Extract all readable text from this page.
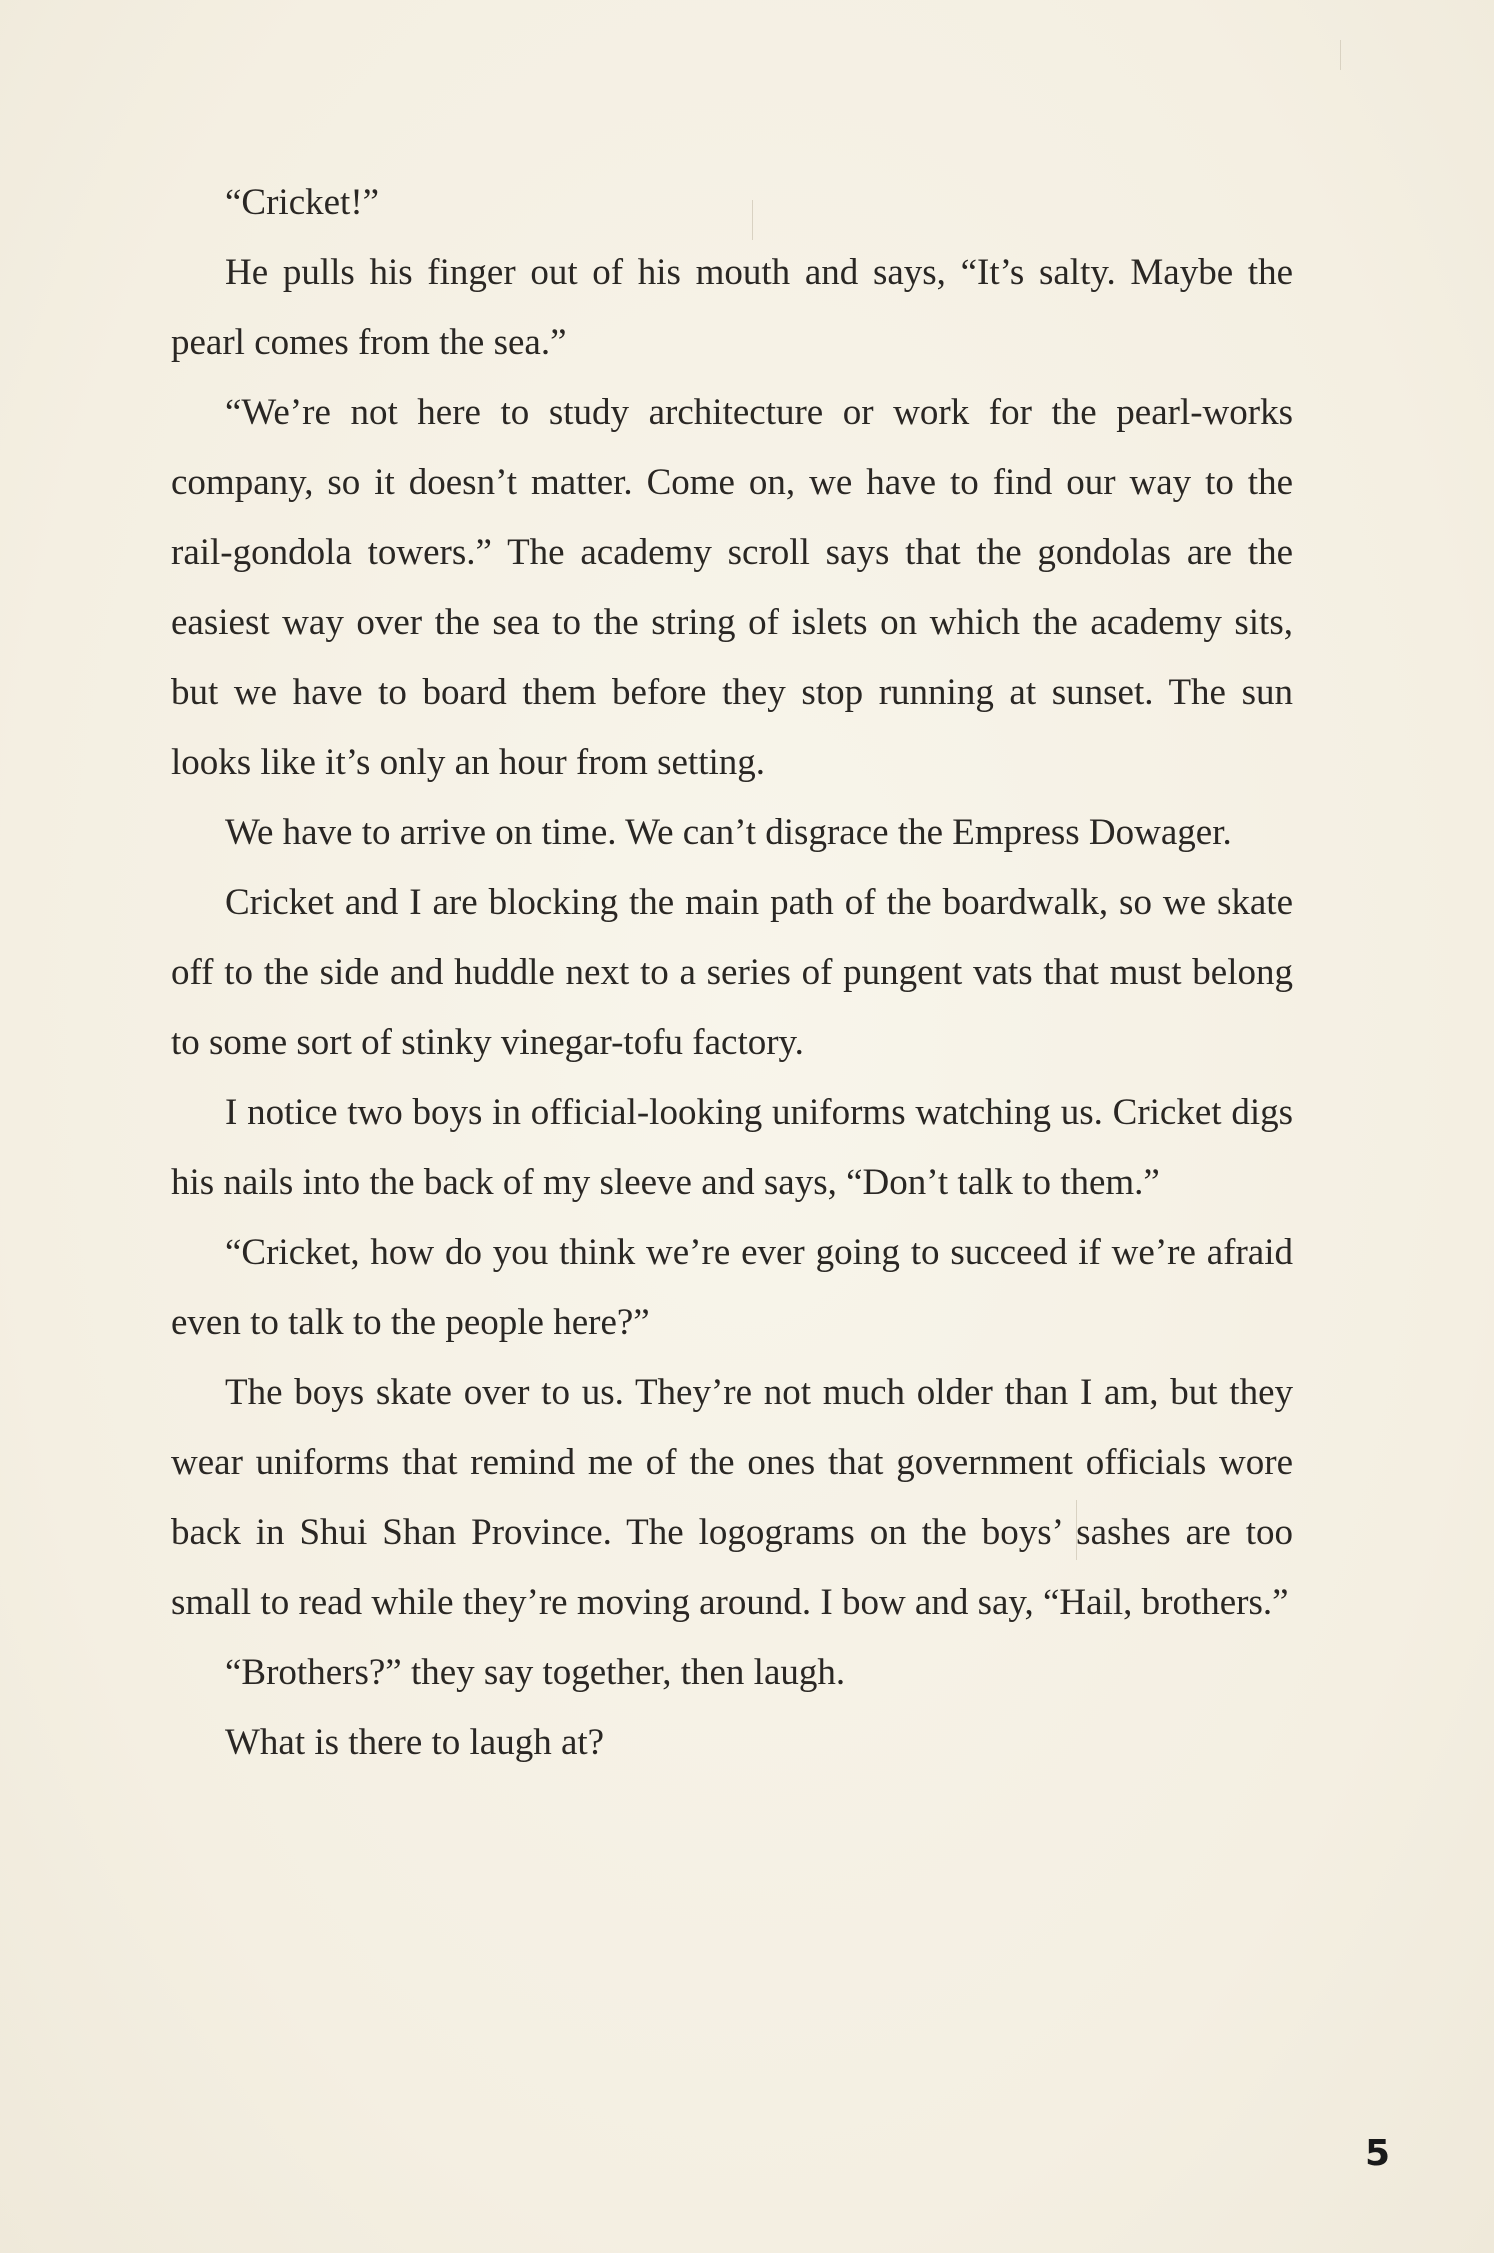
“Cricket!”

He pulls his finger out of his mouth and says, “It’s salty. Maybe the pearl comes from the sea.”

“We’re not here to study architecture or work for the pearl-works company, so it doesn’t matter. Come on, we have to find our way to the rail-gondola towers.” The academy scroll says that the gondolas are the easiest way over the sea to the string of islets on which the academy sits, but we have to board them before they stop running at sunset. The sun looks like it’s only an hour from setting.

We have to arrive on time. We can’t disgrace the Empress Dowager.

Cricket and I are blocking the main path of the boardwalk, so we skate off to the side and huddle next to a series of pungent vats that must belong to some sort of stinky vinegar-tofu factory.

I notice two boys in official-looking uniforms watching us. Cricket digs his nails into the back of my sleeve and says, “Don’t talk to them.”

“Cricket, how do you think we’re ever going to succeed if we’re afraid even to talk to the people here?”

The boys skate over to us. They’re not much older than I am, but they wear uniforms that remind me of the ones that government officials wore back in Shui Shan Province. The logograms on the boys’ sashes are too small to read while they’re moving around. I bow and say, “Hail, brothers.”

“Brothers?” they say together, then laugh.

What is there to laugh at?

5
